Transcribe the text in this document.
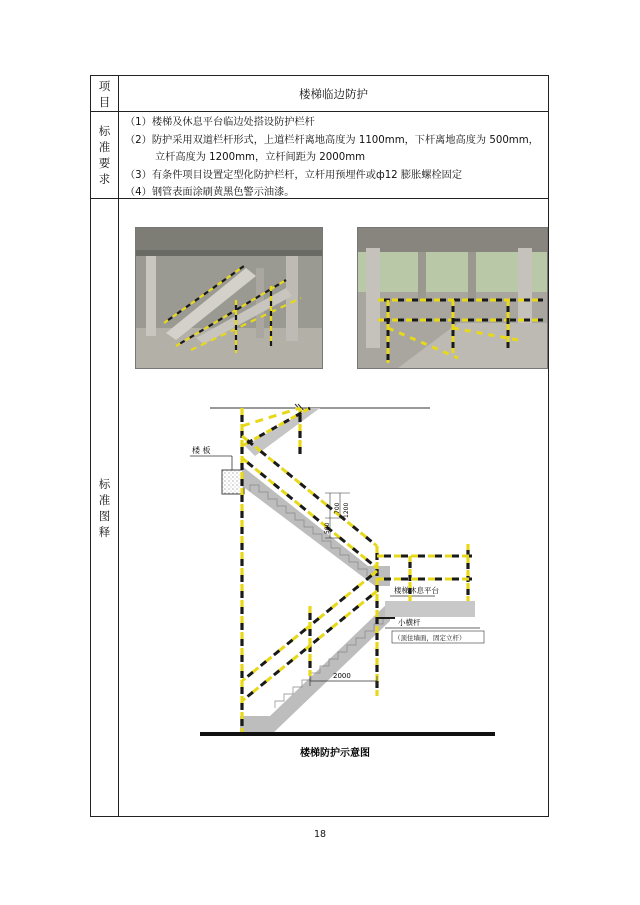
项
目
楼梯临边防护
标
准
要
求
（1）楼梯及休息平台临边处搭设防护栏杆
（2）防护采用双道栏杆形式，上道栏杆离地高度为 1100mm，下杆离地高度为 500mm，
立杆高度为 1200mm，立杆间距为 2000mm
（3）有条件项目设置定型化防护栏杆，立杆用预埋件或ф12 膨胀螺栓固定
（4）钢管表面涂刷黄黑色警示油漆。
标
准
图
释
楼 板
楼梯休息平台
小横杆
（顶住墙面，固定立杆）
500
700 1200
2000
楼梯防护示意图
18
